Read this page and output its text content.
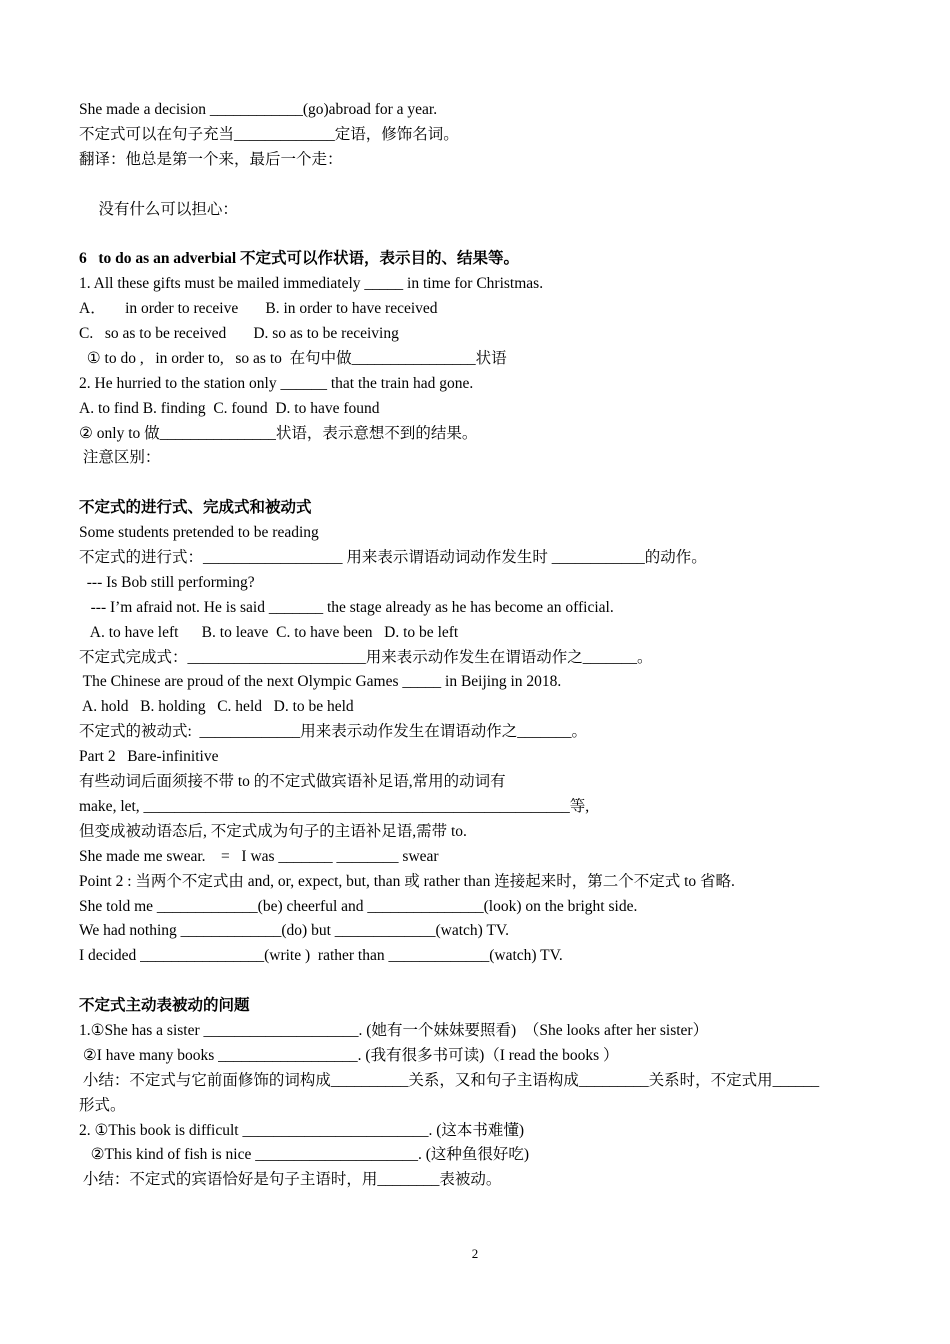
She made a decision ____________(go)abroad for a year.
不定式可以在句子充当_____________定语，修饰名词。
翻译：他总是第一个来，最后一个走：
没有什么可以担心：
6   to do as an adverbial 不定式可以作状语，表示目的、结果等。
1. All these gifts must be mailed immediately _____ in time for Christmas.
A．     in order to receive       B. in order to have received
C.   so as to be received       D. so as to be receiving
① to do ,   in order to,   so as to  在句中做________________状语
2. He hurried to the station only ______ that the train had gone.
A. to find B. finding  C. found  D. to have found
② only to 做_______________状语，表示意想不到的结果。
注意区别：
不定式的进行式、完成式和被动式
Some students pretended to be reading
不定式的进行式：__________________ 用来表示谓语动词动作发生时 ____________的动作。
--- Is Bob still performing?
--- I’m afraid not. He is said _______ the stage already as he has become an official.
A. to have left      B. to leave  C. to have been   D. to be left
不定式完成式：_______________________用来表示动作发生在谓语动作之_______。
The Chinese are proud of the next Olympic Games _____ in Beijing in 2018.
A. hold   B. holding   C. held   D. to be held
不定式的被动式:  _____________用来表示动作发生在谓语动作之_______。
Part 2   Bare-infinitive
有些动词后面须接不带 to 的不定式做宾语补足语,常用的动词有
make, let, _______________________________________________________等,
但变成被动语态后, 不定式成为句子的主语补足语,需带 to.
She made me swear.    =   I was _______ ________ swear
Point 2 : 当两个不定式由 and, or, expect, but, than 或 rather than 连接起来时，第二个不定式 to 省略.
She told me _____________(be) cheerful and _______________(look) on the bright side.
We had nothing _____________(do) but _____________(watch) TV.
I decided ________________(write )  rather than _____________(watch) TV.
不定式主动表被动的问题
1.①She has a sister ____________________. (她有一个妹妹要照看)  （She looks after her sister）
②I have many books __________________. (我有很多书可读)（I read the books ）
小结：不定式与它前面修饰的词构成__________关系，又和句子主语构成_________关系时，不定式用______
形式。
2. ①This book is difficult ________________________. (这本书难懂)
②This kind of fish is nice _____________________. (这种鱼很好吃)
小结：不定式的宾语恰好是句子主语时，用________表被动。
2
